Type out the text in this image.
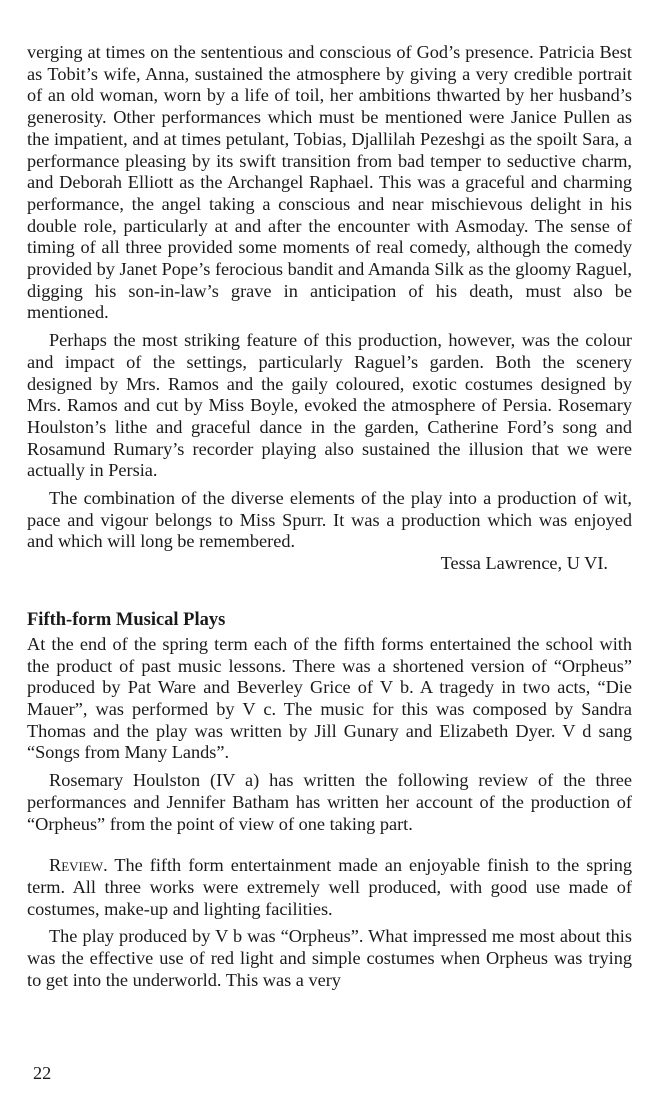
verging at times on the sententious and conscious of God’s presence. Patricia Best as Tobit’s wife, Anna, sustained the atmosphere by giving a very credible portrait of an old woman, worn by a life of toil, her ambitions thwarted by her husband’s generosity. Other performances which must be mentioned were Janice Pullen as the impatient, and at times petulant, Tobias, Djallilah Pezeshgi as the spoilt Sara, a performance pleasing by its swift transition from bad temper to seductive charm, and Deborah Elliott as the Archangel Raphael. This was a graceful and charming performance, the angel taking a conscious and near mischievous delight in his double role, particularly at and after the encounter with Asmoday. The sense of timing of all three provided some moments of real comedy, although the comedy provided by Janet Pope’s ferocious bandit and Amanda Silk as the gloomy Raguel, digging his son-in-law’s grave in anticipation of his death, must also be mentioned.

Perhaps the most striking feature of this production, however, was the colour and impact of the settings, particularly Raguel’s garden. Both the scenery designed by Mrs. Ramos and the gaily coloured, exotic costumes designed by Mrs. Ramos and cut by Miss Boyle, evoked the atmosphere of Persia. Rosemary Houlston’s lithe and graceful dance in the garden, Catherine Ford’s song and Rosamund Rumary’s recorder playing also sustained the illusion that we were actually in Persia.

The combination of the diverse elements of the play into a production of wit, pace and vigour belongs to Miss Spurr. It was a production which was enjoyed and which will long be remembered.

Tessa Lawrence, U VI.
Fifth-form Musical Plays

At the end of the spring term each of the fifth forms entertained the school with the product of past music lessons. There was a shortened version of “Orpheus” produced by Pat Ware and Beverley Grice of V b. A tragedy in two acts, “Die Mauer”, was performed by V c. The music for this was composed by Sandra Thomas and the play was written by Jill Gunary and Elizabeth Dyer. V d sang “Songs from Many Lands”.

Rosemary Houlston (IV a) has written the following review of the three performances and Jennifer Batham has written her account of the production of “Orpheus” from the point of view of one taking part.

Review. The fifth form entertainment made an enjoyable finish to the spring term. All three works were extremely well produced, with good use made of costumes, make-up and lighting facilities.

The play produced by V b was “Orpheus”. What impressed me most about this was the effective use of red light and simple costumes when Orpheus was trying to get into the underworld. This was a very

22
